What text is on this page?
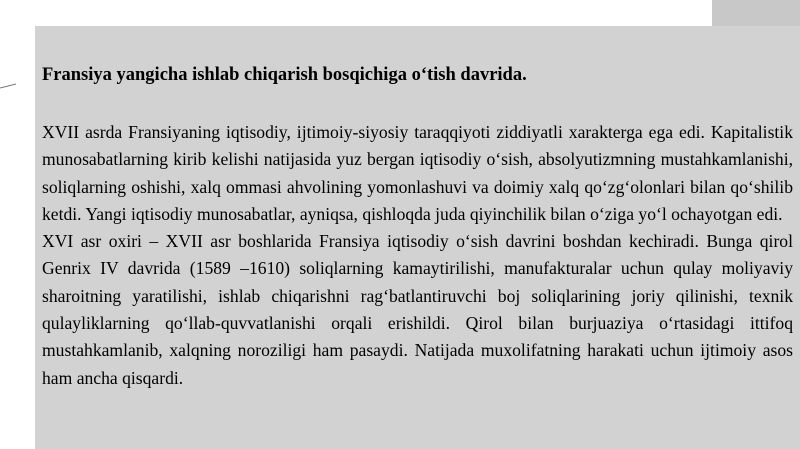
Fransiya yangicha ishlab chiqarish bosqichiga o‘tish davrida.

XVII asrda Fransiyaning iqtisodiy, ijtimoiy-siyosiy taraqqiyoti ziddiyatli xarakterga ega edi. Kapitalistik munosabatlarning kirib kelishi natijasida yuz bergan iqtisodiy o‘sish, absolyutizmning mustahkamlanishi, soliqlarning oshishi, xalq ommasi ahvolining yomonlashuvi va doimiy xalq qo‘zg‘olonlari bilan qo‘shilib ketdi. Yangi iqtisodiy munosabatlar, ayniqsa, qishloqda juda qiyinchilik bilan o‘ziga yo‘l ochayotgan edi.

XVI asr oxiri – XVII asr boshlarida Fransiya iqtisodiy o‘sish davrini boshdan kechiradi. Bunga qirol Genrix IV davrida (1589 –1610) soliqlarning kamaytirilishi, manufakturalar uchun qulay moliyaviy sharoitning yaratilishi, ishlab chiqarishni rag‘batlantiruvchi boj soliqlarining joriy qilinishi, texnik qulayliklarning qo‘llab-quvvatlanishi orqali erishildi. Qirol bilan burjuaziya o‘rtasidagi ittifoq mustahkamlanib, xalqning noroziligi ham pasaydi. Natijada muxolifatning harakati uchun ijtimoiy asos ham ancha qisqardi.
